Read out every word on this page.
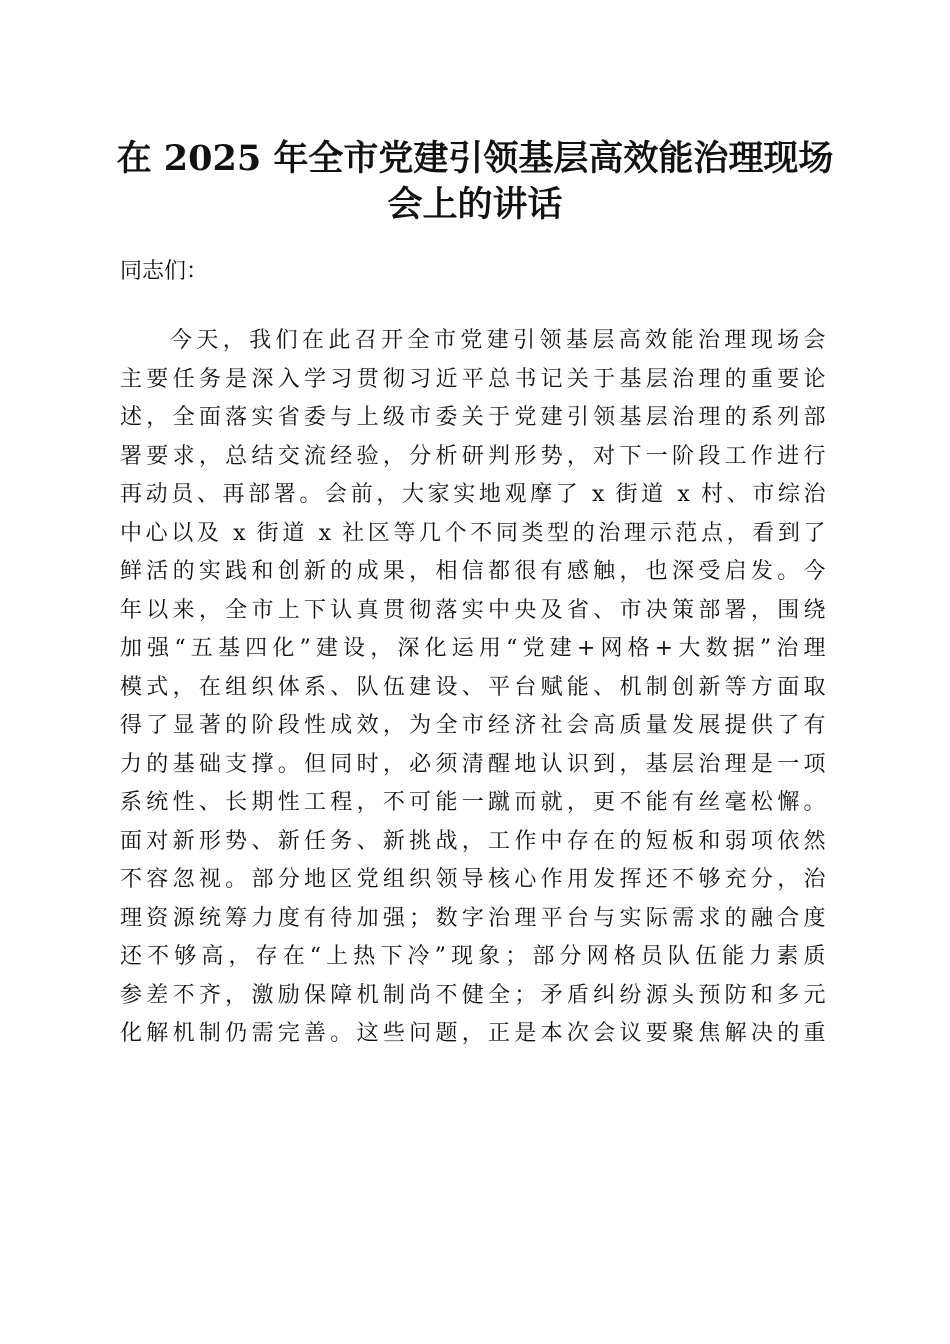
在 2025 年全市党建引领基层高效能治理现场
会上的讲话

同志们：

今天，我们在此召开全市党建引领基层高效能治理现场会
主要任务是深入学习贯彻习近平总书记关于基层治理的重要论
述，全面落实省委与上级市委关于党建引领基层治理的系列部
署要求，总结交流经验，分析研判形势，对下一阶段工作进行
再动员、再部署。会前，大家实地观摩了 x 街道 x 村、市综治
中心以及 x 街道 x 社区等几个不同类型的治理示范点，看到了
鲜活的实践和创新的成果，相信都很有感触，也深受启发。今
年以来，全市上下认真贯彻落实中央及省、市决策部署，围绕
加强“五基四化”建设，深化运用“党建+网格+大数据”治理
模式，在组织体系、队伍建设、平台赋能、机制创新等方面取
得了显著的阶段性成效，为全市经济社会高质量发展提供了有
力的基础支撑。但同时，必须清醒地认识到，基层治理是一项
系统性、长期性工程，不可能一蹴而就，更不能有丝毫松懈。
面对新形势、新任务、新挑战，工作中存在的短板和弱项依然
不容忽视。部分地区党组织领导核心作用发挥还不够充分，治
理资源统筹力度有待加强；数字治理平台与实际需求的融合度
还不够高，存在“上热下冷”现象；部分网格员队伍能力素质
参差不齐，激励保障机制尚不健全；矛盾纠纷源头预防和多元
化解机制仍需完善。这些问题，正是本次会议要聚焦解决的重
